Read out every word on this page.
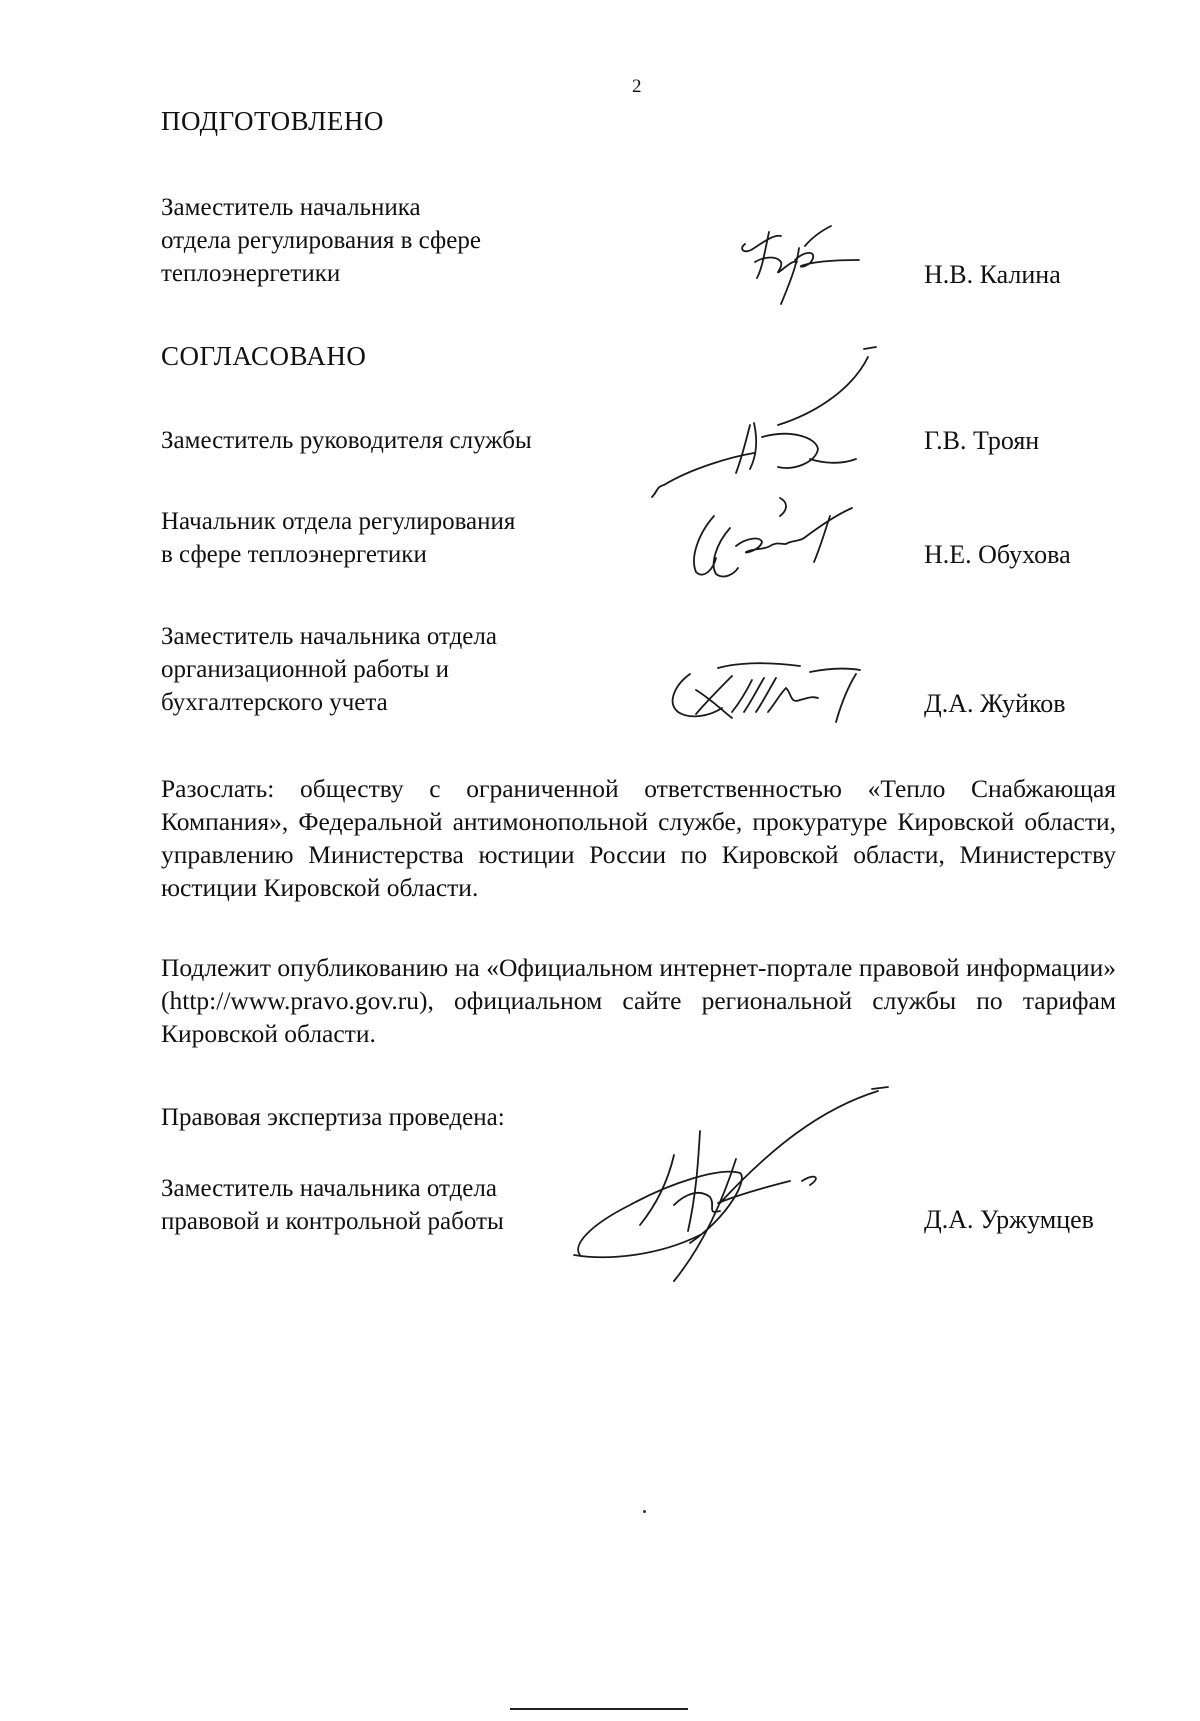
2
ПОДГОТОВЛЕНО
Заместитель начальника
отдела регулирования в сфере
теплоэнергетики	Н.В. Калина
СОГЛАСОВАНО
Заместитель руководителя службы	Г.В. Троян
Начальник отдела регулирования
в сфере теплоэнергетики	Н.Е. Обухова
Заместитель начальника отдела
организационной работы и
бухгалтерского учета	Д.А. Жуйков
Разослать: обществу с ограниченной ответственностью «Тепло Снабжающая Компания», Федеральной антимонопольной службе, прокуратуре Кировской области, управлению Министерства юстиции России по Кировской области, Министерству юстиции Кировской области.
Подлежит опубликованию на «Официальном интернет-портале правовой информации» (http://www.pravo.gov.ru), официальном сайте региональной службы по тарифам Кировской области.
Правовая экспертиза проведена:
Заместитель начальника отдела
правовой и контрольной работы	Д.А. Уржумцев
